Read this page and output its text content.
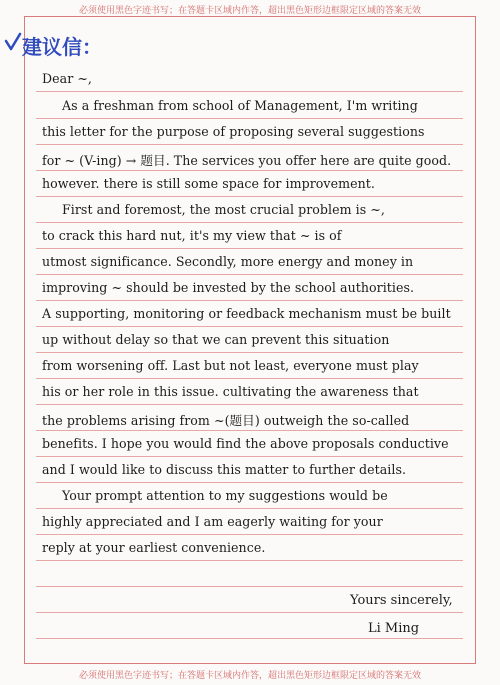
必须使用黑色字迹书写；在答题卡区域内作答，超出黑色矩形边框限定区域的答案无效
建议信：
Dear ~,
As a freshman from school of Management, I'm writing
this letter for the purpose of proposing several suggestions
for ~ (V-ing) → 题目. The services you offer here are quite good.
however. there is still some space for improvement.
First and foremost, the most crucial problem is ~,
to crack this hard nut, it's my view that ~ is of
utmost significance. Secondly, more energy and money in
improving ~ should be invested by the school authorities.
A supporting, monitoring or feedback mechanism must be built
up without delay so that we can prevent this situation
from worsening off. Last but not least, everyone must play
his or her role in this issue. cultivating the awareness that
the problems arising from ~(题目) outweigh the so-called
benefits. I hope you would find the above proposals conductive
and I would like to discuss this matter to further details.
Your prompt attention to my suggestions would be
highly appreciated and I am eagerly waiting for your
reply at your earliest convenience.
Yours sincerely,
Li Ming
必须使用黑色字迹书写；在答题卡区域内作答，超出黑色矩形边框限定区域的答案无效
